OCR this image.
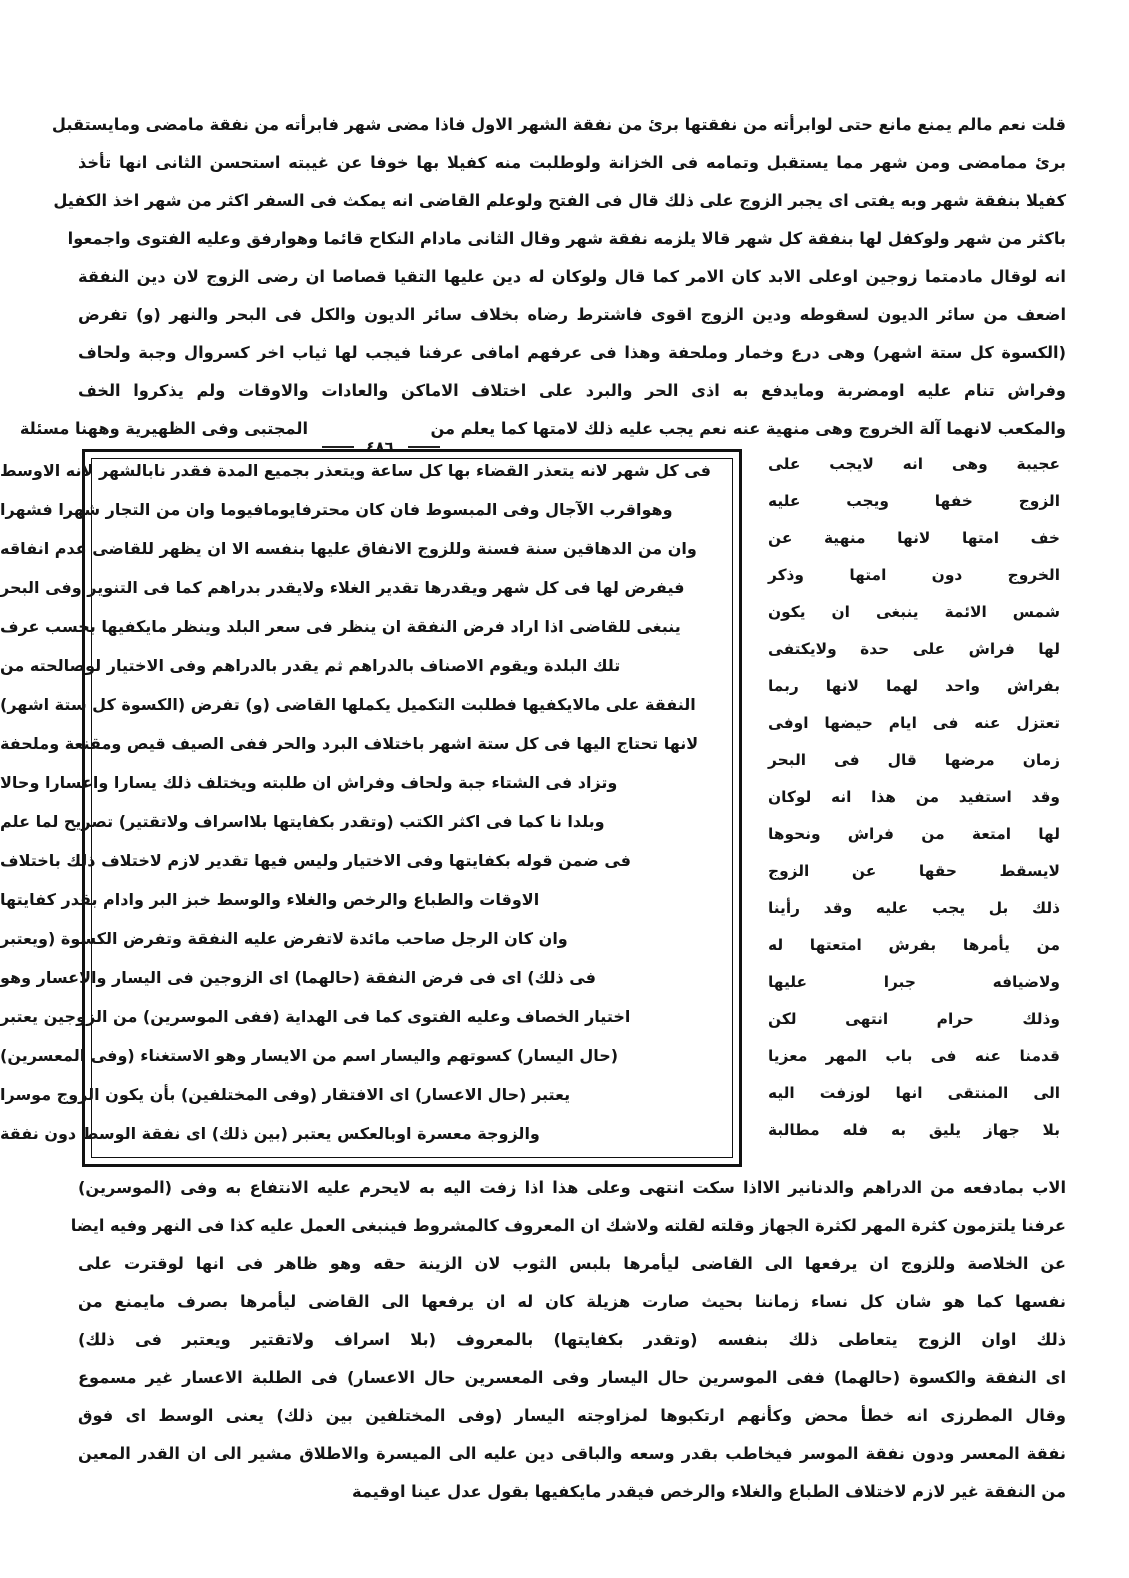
قلت نعم مالم يمنع مانع حتى لوابرأته من نفقتها برئ من نفقة الشهر الاول فاذا مضى شهر فابرأته من نفقة مامضى ومايستقبل
برئ ممامضى ومن شهر مما يستقبل وتمامه فى الخزانة ولوطلبت منه كفيلا بها خوفا عن غيبته استحسن الثانى انها تأخذ
كفيلا بنفقة شهر وبه يفتى اى يجبر الزوج على ذلك قال فى الفتح ولوعلم القاضى انه يمكث فى السفر اكثر من شهر اخذ الكفيل
باكثر من شهر ولوكفل لها بنفقة كل شهر قالا يلزمه نفقة شهر وقال الثانى مادام النكاح قائما وهوارفق وعليه الفتوى واجمعوا
انه لوقال مادمتما زوجين اوعلى الابد كان الامر كما قال ولوكان له دين عليها التقيا قصاصا ان رضى الزوج لان دين النفقة
اضعف من سائر الديون لسقوطه ودين الزوج اقوى فاشترط رضاه بخلاف سائر الديون والكل فى البحر والنهر (و) تفرض
(الكسوة كل ستة اشهر) وهى درع وخمار وملحفة وهذا فى عرفهم امافى عرفنا فيجب لها ثياب اخر كسروال وجبة ولحاف
وفراش تنام عليه اومضربة ومايدفع به اذى الحر والبرد على اختلاف الاماكن والعادات والاوقات ولم يذكروا الخف
والمكعب لانهما آلة الخروج وهى منهية عنه نعم يجب عليه ذلك لامتها كما يعلم من
المجتبى وفى الظهيرية وههنا مسئلة
٤٨٦
عجيبة وهى انه لايجب على
الزوج خفها ويجب عليه
خف امتها لانها منهية عن
الخروج دون امتها وذكر
شمس الائمة ينبغى ان يكون
لها فراش على حدة ولايكتفى
بفراش واحد لهما لانها ربما
تعتزل عنه فى ايام حيضها اوفى
زمان مرضها قال فى البحر
وقد استفيد من هذا انه لوكان
لها امتعة من فراش ونحوها
لايسقط حقها عن الزوج
ذلك بل يجب عليه وقد رأينا
من يأمرها بفرش امتعتها له
ولاضيافه جبرا عليها
وذلك حرام انتهى لكن
قدمنا عنه فى باب المهر معزيا
الى المنتقى انها لوزفت اليه
بلا جهاز يليق به فله مطالبة
فى كل شهر لانه يتعذر القضاء بها كل ساعة ويتعذر بجميع المدة فقدر نابالشهر لانه الاوسط
وهواقرب الآجال وفى المبسوط فان كان محترفايومافيوما وان من التجار شهرا فشهرا
وان من الدهاقين سنة فسنة وللزوج الانفاق عليها بنفسه الا ان يظهر للقاضى عدم انفاقه
فيفرض لها فى كل شهر ويقدرها تقدير الغلاء ولايقدر بدراهم كما فى التنوير وفى البحر
ينبغى للقاضى اذا اراد فرض النفقة ان ينظر فى سعر البلد وينظر مايكفيها بحسب عرف
تلك البلدة ويقوم الاصناف بالدراهم ثم يقدر بالدراهم وفى الاختيار لوصالحته من
النفقة على مالايكفيها فطلبت التكميل يكملها القاضى (و) تفرض (الكسوة كل ستة اشهر)
لانها تحتاج اليها فى كل ستة اشهر باختلاف البرد والحر ففى الصيف قيص ومقنعة وملحفة
وتزاد فى الشتاء جبة ولحاف وفراش ان طلبته ويختلف ذلك يسارا واعسارا وحالا
وبلدا نا كما فى اكثر الكتب (وتقدر بكفايتها بلااسراف ولاتقتير) تصريح لما علم
فى ضمن قوله بكفايتها وفى الاختيار وليس فيها تقدير لازم لاختلاف ذلك باختلاف
الاوقات والطباع والرخص والغلاء والوسط خبز البر وادام بقدر كفايتها
وان كان الرجل صاحب مائدة لاتفرض عليه النفقة وتفرض الكسوة (ويعتبر
فى ذلك) اى فى فرض النفقة (حالهما) اى الزوجين فى اليسار والاعسار وهو
اختيار الخصاف وعليه الفتوى كما فى الهداية (ففى الموسرين) من الزوجين يعتبر
(حال اليسار) كسوتهم واليسار اسم من الايسار وهو الاستغناء (وفى المعسرين)
يعتبر (حال الاعسار) اى الافتقار (وفى المختلفين) بأن يكون الزوج موسرا
والزوجة معسرة اوبالعكس يعتبر (بين ذلك) اى نفقة الوسط دون نفقة
الاب بمادفعه من الدراهم والدنانير الااذا سكت انتهى وعلى هذا اذا زفت اليه به لايحرم عليه الانتفاع به وفى (الموسرين)
عرفنا يلتزمون كثرة المهر لكثرة الجهاز وقلته لقلته ولاشك ان المعروف كالمشروط فينبغى العمل عليه كذا فى النهر وفيه ايضا
عن الخلاصة وللزوج ان يرفعها الى القاضى ليأمرها بلبس الثوب لان الزينة حقه وهو ظاهر فى انها لوقترت على
نفسها كما هو شان كل نساء زماننا بحيث صارت هزيلة كان له ان يرفعها الى القاضى ليأمرها بصرف مايمنع من
ذلك اوان الزوج يتعاطى ذلك بنفسه (وتقدر بكفايتها) بالمعروف (بلا اسراف ولاتقتير ويعتبر فى ذلك)
اى النفقة والكسوة (حالهما) ففى الموسرين حال اليسار وفى المعسرين حال الاعسار) فى الطلبة الاعسار غير مسموع
وقال المطرزى انه خطأ محض وكأنهم ارتكبوها لمزاوجته اليسار (وفى المختلفين بين ذلك) يعنى الوسط اى فوق
نفقة المعسر ودون نفقة الموسر فيخاطب بقدر وسعه والباقى دين عليه الى الميسرة والاطلاق مشير الى ان القدر المعين
من النفقة غير لازم لاختلاف الطباع والغلاء والرخص فيقدر مايكفيها بقول عدل عينا اوقيمة
